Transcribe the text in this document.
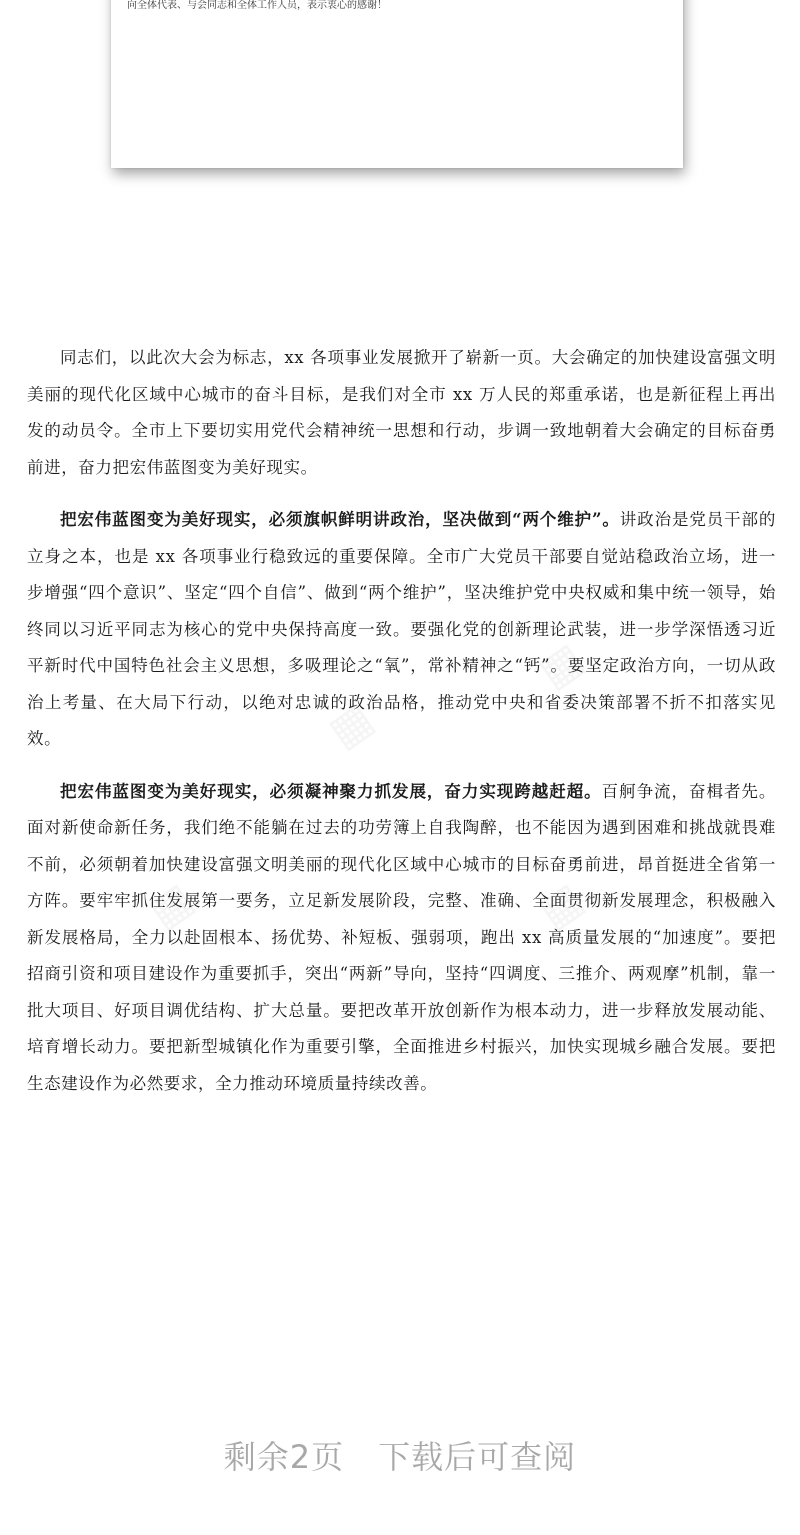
向全体代表、与会同志和全体工作人员，表示衷心的感谢！
▦
▦
▦	▦

同志们，以此次大会为标志，xx 各项事业发展掀开了崭新一页。大会确定的加快建设富强文明美丽的现代化区域中心城市的奋斗目标，是我们对全市 xx 万人民的郑重承诺，也是新征程上再出发的动员令。全市上下要切实用党代会精神统一思想和行动，步调一致地朝着大会确定的目标奋勇前进，奋力把宏伟蓝图变为美好现实。

把宏伟蓝图变为美好现实，必须旗帜鲜明讲政治，坚决做到“两个维护”。讲政治是党员干部的立身之本，也是 xx 各项事业行稳致远的重要保障。全市广大党员干部要自觉站稳政治立场，进一步增强“四个意识”、坚定“四个自信”、做到“两个维护”，坚决维护党中央权威和集中统一领导，始终同以习近平同志为核心的党中央保持高度一致。要强化党的创新理论武装，进一步学深悟透习近平新时代中国特色社会主义思想，多吸理论之“氧”，常补精神之“钙”。要坚定政治方向，一切从政治上考量、在大局下行动，以绝对忠诚的政治品格，推动党中央和省委决策部署不折不扣落实见效。

把宏伟蓝图变为美好现实，必须凝神聚力抓发展，奋力实现跨越赶超。百舸争流，奋楫者先。面对新使命新任务，我们绝不能躺在过去的功劳簿上自我陶醉，也不能因为遇到困难和挑战就畏难不前，必须朝着加快建设富强文明美丽的现代化区域中心城市的目标奋勇前进，昂首挺进全省第一方阵。要牢牢抓住发展第一要务，立足新发展阶段，完整、准确、全面贯彻新发展理念，积极融入新发展格局，全力以赴固根本、扬优势、补短板、强弱项，跑出 xx 高质量发展的“加速度”。要把招商引资和项目建设作为重要抓手，突出“两新”导向，坚持“四调度、三推介、两观摩”机制，靠一批大项目、好项目调优结构、扩大总量。要把改革开放创新作为根本动力，进一步释放发展动能、培育增长动力。要把新型城镇化作为重要引擎，全面推进乡村振兴，加快实现城乡融合发展。要把生态建设作为必然要求，全力推动环境质量持续改善。

剩余2页 下载后可查阅
